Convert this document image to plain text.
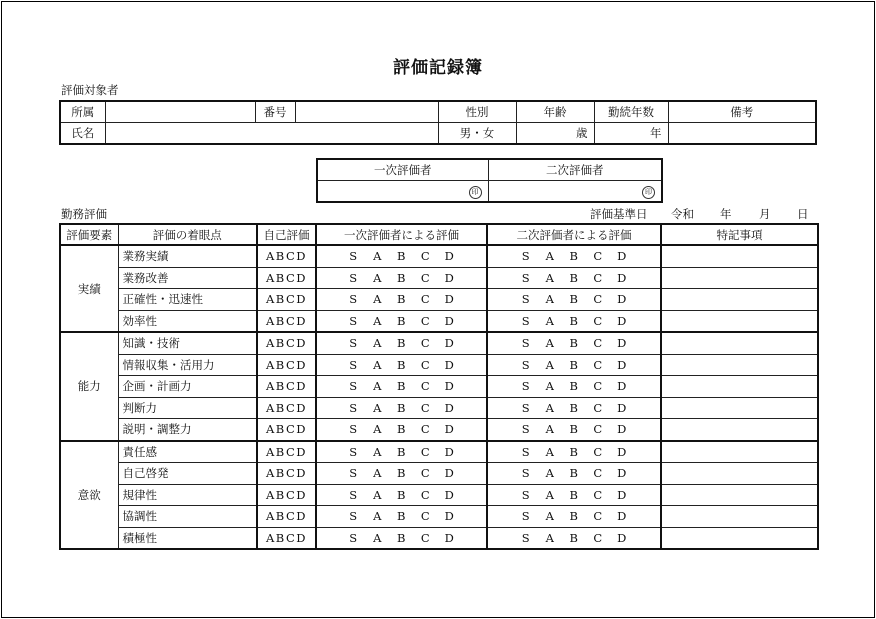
評価記録簿
評価対象者
所属		番号		性別	年齢	勤続年数	備考
氏名				男・女	歳	年	
一次評価者	二次評価者
印	印
勤務評価	評価基準日 令和 年 月 日
評価要素	評価の着眼点	自己評価	一次評価者による評価	二次評価者による評価	特記事項
実績	業務実績	ABCD	S A B C D	S A B C D	
	業務改善	ABCD	S A B C D	S A B C D	
	正確性・迅速性	ABCD	S A B C D	S A B C D	
	効率性	ABCD	S A B C D	S A B C D	
能力	知識・技術	ABCD	S A B C D	S A B C D	
	情報収集・活用力	ABCD	S A B C D	S A B C D	
	企画・計画力	ABCD	S A B C D	S A B C D	
	判断力	ABCD	S A B C D	S A B C D	
	説明・調整力	ABCD	S A B C D	S A B C D	
意欲	責任感	ABCD	S A B C D	S A B C D	
	自己啓発	ABCD	S A B C D	S A B C D	
	規律性	ABCD	S A B C D	S A B C D	
	協調性	ABCD	S A B C D	S A B C D	
	積極性	ABCD	S A B C D	S A B C D	
